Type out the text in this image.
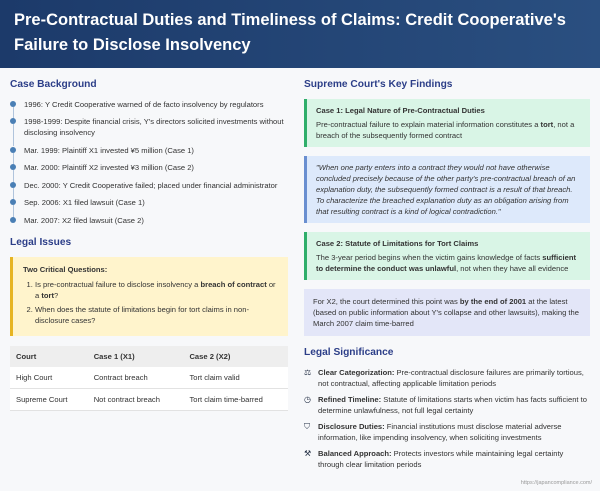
Pre-Contractual Duties and Timeliness of Claims: Credit Cooperative's
Failure to Disclose Insolvency
Case Background
1996: Y Credit Cooperative warned of de facto insolvency by regulators
1998-1999: Despite financial crisis, Y's directors solicited investments without disclosing insolvency
Mar. 1999: Plaintiff X1 invested ¥5 million (Case 1)
Mar. 2000: Plaintiff X2 invested ¥3 million (Case 2)
Dec. 2000: Y Credit Cooperative failed; placed under financial administrator
Sep. 2006: X1 filed lawsuit (Case 1)
Mar. 2007: X2 filed lawsuit (Case 2)
Legal Issues
Two Critical Questions:
1. Is pre-contractual failure to disclose insolvency a breach of contract or a tort?
2. When does the statute of limitations begin for tort claims in non-disclosure cases?
Court	Case 1 (X1)	Case 2 (X2)
High Court	Contract breach	Tort claim valid
Supreme Court	Not contract breach	Tort claim time-barred
Supreme Court's Key Findings
Case 1: Legal Nature of Pre-Contractual Duties
Pre-contractual failure to explain material information constitutes a tort, not a breach of the subsequently formed contract
"When one party enters into a contract they would not have otherwise concluded precisely because of the other party's pre-contractual breach of an explanation duty, the subsequently formed contract is a result of that breach. To characterize the breached explanation duty as an obligation arising from that resulting contract is a kind of logical contradiction."
Case 2: Statute of Limitations for Tort Claims
The 3-year period begins when the victim gains knowledge of facts sufficient to determine the conduct was unlawful, not when they have all evidence
For X2, the court determined this point was by the end of 2001 at the latest (based on public information about Y's collapse and other lawsuits), making the March 2007 claim time-barred
Legal Significance
⚖ Clear Categorization: Pre-contractual disclosure failures are primarily tortious, not contractual, affecting applicable limitation periods
◷ Refined Timeline: Statute of limitations starts when victim has facts sufficient to determine unlawfulness, not full legal certainty
⛉	Disclosure Duties: Financial institutions must disclose material adverse information, like impending insolvency, when soliciting investments
⚒ Balanced Approach: Protects investors while maintaining legal certainty through clear limitation periods
https://japancompliance.com/
